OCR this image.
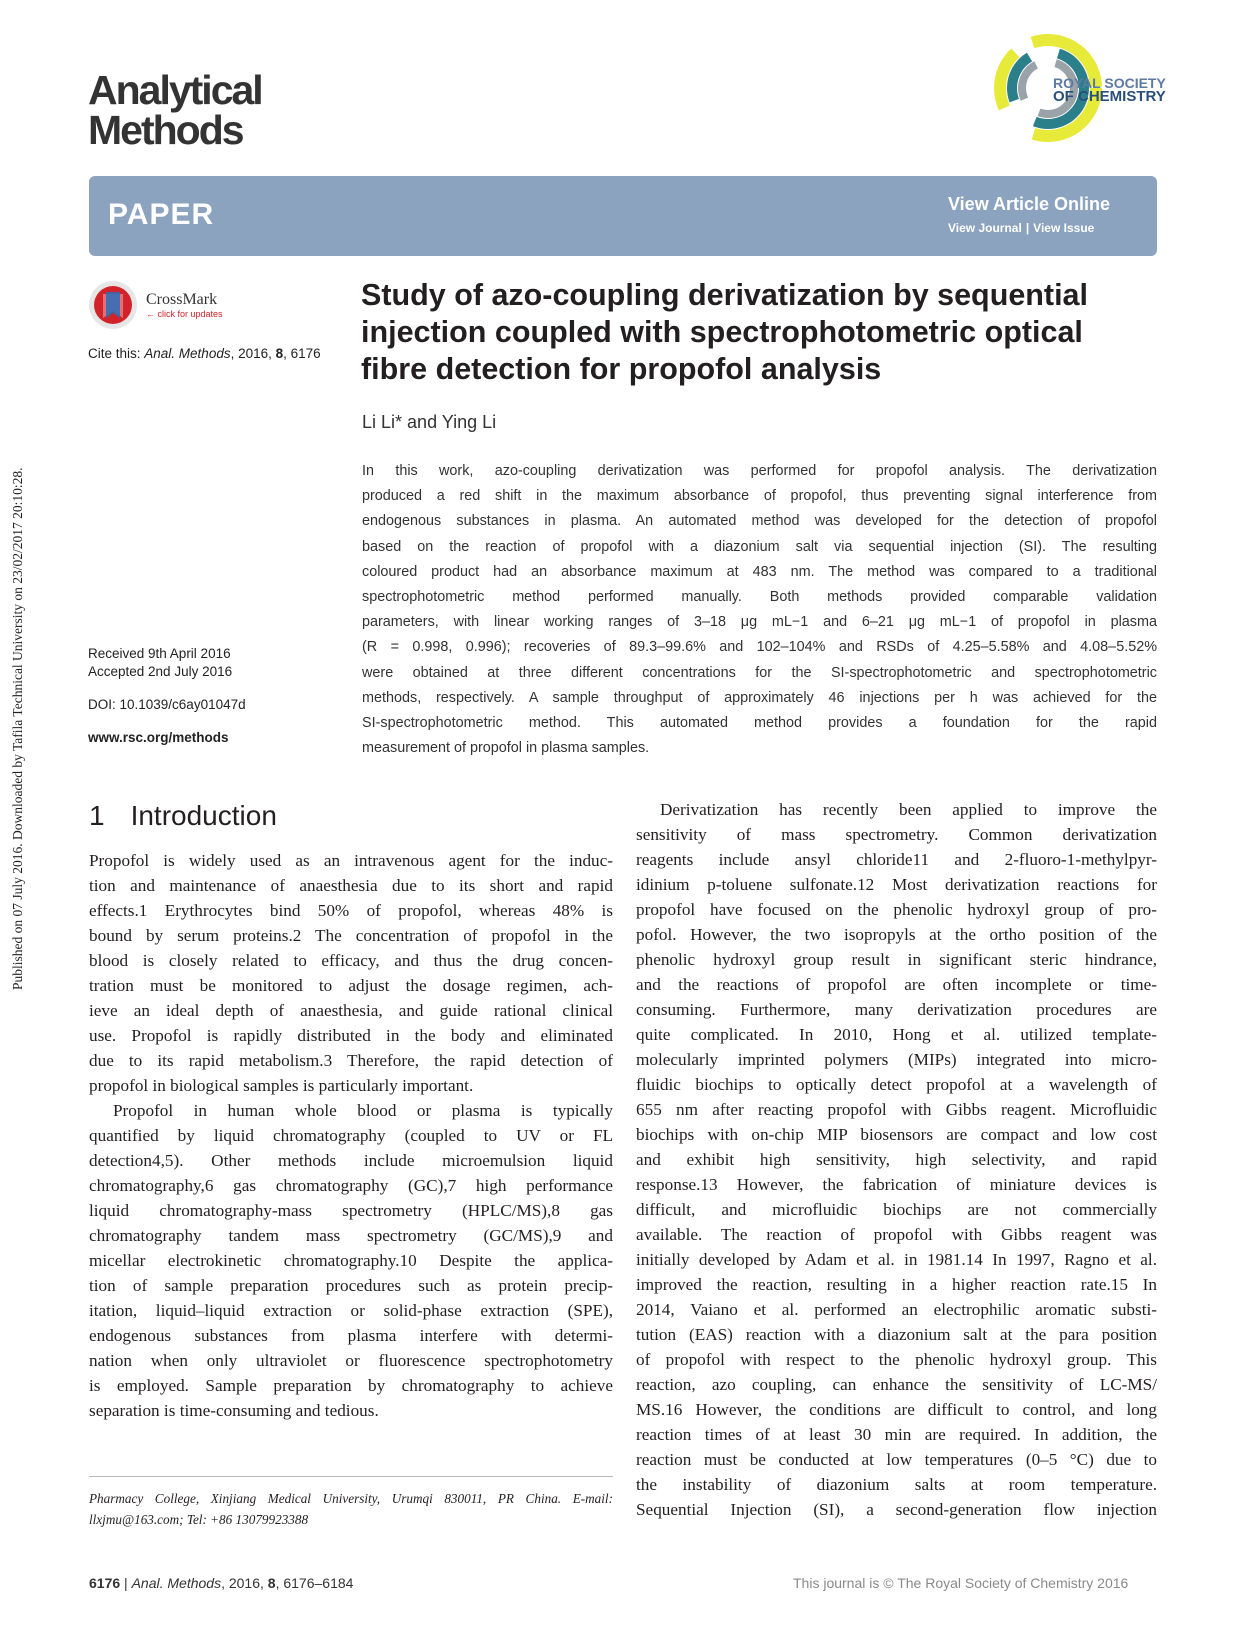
Published on 07 July 2016. Downloaded by Tafila Technical University on 23/02/2017 20:10:28.
Analytical
Methods
ROYAL SOCIETY
OF CHEMISTRY
PAPER	View Article Online
View Journal | View Issue
CrossMark
← click for updates
Cite this: Anal. Methods, 2016, 8, 6176
Received 9th April 2016
Accepted 2nd July 2016
DOI: 10.1039/c6ay01047d
www.rsc.org/methods
Study of azo-coupling derivatization by sequential
injection coupled with spectrophotometric optical
fibre detection for propofol analysis
Li Li* and Ying Li
In this work, azo-coupling derivatization was performed for propofol analysis. The derivatization
produced a red shift in the maximum absorbance of propofol, thus preventing signal interference from
endogenous substances in plasma. An automated method was developed for the detection of propofol
based on the reaction of propofol with a diazonium salt via sequential injection (SI). The resulting
coloured product had an absorbance maximum at 483 nm. The method was compared to a traditional
spectrophotometric method performed manually. Both methods provided comparable validation
parameters, with linear working ranges of 3–18 μg mL−1 and 6–21 μg mL−1 of propofol in plasma
(R = 0.998, 0.996); recoveries of 89.3–99.6% and 102–104% and RSDs of 4.25–5.58% and 4.08–5.52%
were obtained at three different concentrations for the SI-spectrophotometric and spectrophotometric
methods, respectively. A sample throughput of approximately 46 injections per h was achieved for the
SI-spectrophotometric method. This automated method provides a foundation for the rapid
measurement of propofol in plasma samples.
1 Introduction
Propofol is widely used as an intravenous agent for the induc-
tion and maintenance of anaesthesia due to its short and rapid
effects.1 Erythrocytes bind 50% of propofol, whereas 48% is
bound by serum proteins.2 The concentration of propofol in the
blood is closely related to efficacy, and thus the drug concen-
tration must be monitored to adjust the dosage regimen, ach-
ieve an ideal depth of anaesthesia, and guide rational clinical
use. Propofol is rapidly distributed in the body and eliminated
due to its rapid metabolism.3 Therefore, the rapid detection of
propofol in biological samples is particularly important.
Propofol in human whole blood or plasma is typically
quantified by liquid chromatography (coupled to UV or FL
detection4,5). Other methods include microemulsion liquid
chromatography,6 gas chromatography (GC),7 high performance
liquid chromatography-mass spectrometry (HPLC/MS),8 gas
chromatography tandem mass spectrometry (GC/MS),9 and
micellar electrokinetic chromatography.10 Despite the applica-
tion of sample preparation procedures such as protein precip-
itation, liquid–liquid extraction or solid-phase extraction (SPE),
endogenous substances from plasma interfere with determi-
nation when only ultraviolet or fluorescence spectrophotometry
is employed. Sample preparation by chromatography to achieve
separation is time-consuming and tedious.
Derivatization has recently been applied to improve the
sensitivity of mass spectrometry. Common derivatization
reagents include ansyl chloride11 and 2-fluoro-1-methylpyr-
idinium p-toluene sulfonate.12 Most derivatization reactions for
propofol have focused on the phenolic hydroxyl group of pro-
pofol. However, the two isopropyls at the ortho position of the
phenolic hydroxyl group result in significant steric hindrance,
and the reactions of propofol are often incomplete or time-
consuming. Furthermore, many derivatization procedures are
quite complicated. In 2010, Hong et al. utilized template-
molecularly imprinted polymers (MIPs) integrated into micro-
fluidic biochips to optically detect propofol at a wavelength of
655 nm after reacting propofol with Gibbs reagent. Microfluidic
biochips with on-chip MIP biosensors are compact and low cost
and exhibit high sensitivity, high selectivity, and rapid
response.13 However, the fabrication of miniature devices is
difficult, and microfluidic biochips are not commercially
available. The reaction of propofol with Gibbs reagent was
initially developed by Adam et al. in 1981.14 In 1997, Ragno et al.
improved the reaction, resulting in a higher reaction rate.15 In
2014, Vaiano et al. performed an electrophilic aromatic substi-
tution (EAS) reaction with a diazonium salt at the para position
of propofol with respect to the phenolic hydroxyl group. This
reaction, azo coupling, can enhance the sensitivity of LC-MS/
MS.16 However, the conditions are difficult to control, and long
reaction times of at least 30 min are required. In addition, the
reaction must be conducted at low temperatures (0–5 °C) due to
the instability of diazonium salts at room temperature.
Sequential Injection (SI), a second-generation flow injection
Pharmacy College, Xinjiang Medical University, Urumqi 830011, PR China. E-mail:
llxjmu@163.com; Tel: +86 13079923388
6176 | Anal. Methods, 2016, 8, 6176–6184	This journal is © The Royal Society of Chemistry 2016
